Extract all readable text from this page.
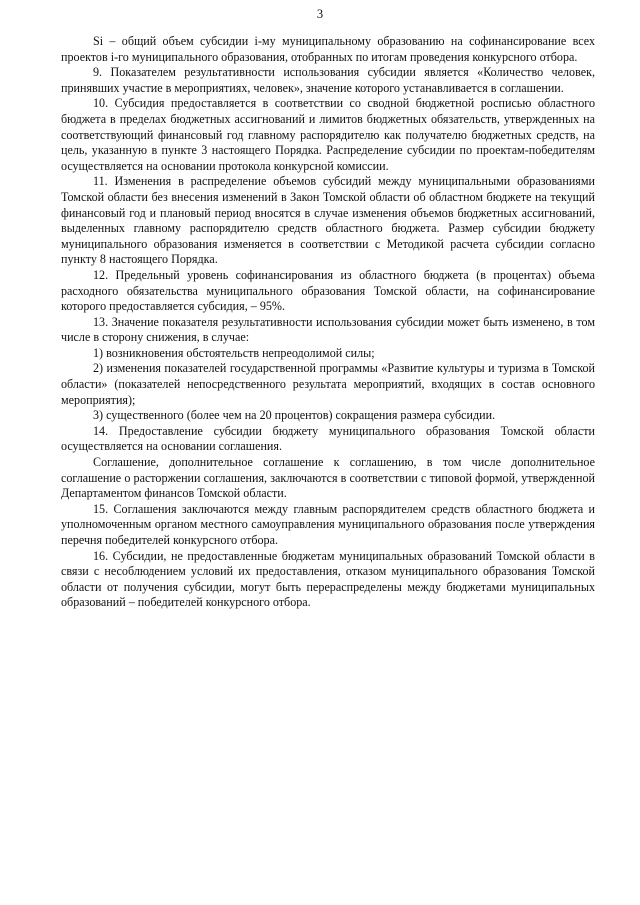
3

Si – общий объем субсидии i-му муниципальному образованию на софинансирование всех проектов i-го муниципального образования, отобранных по итогам проведения конкурсного отбора.

9. Показателем результативности использования субсидии является «Количество человек, принявших участие в мероприятиях, человек», значение которого устанавливается в соглашении.

10. Субсидия предоставляется в соответствии со сводной бюджетной росписью областного бюджета в пределах бюджетных ассигнований и лимитов бюджетных обязательств, утвержденных на соответствующий финансовый год главному распорядителю как получателю бюджетных средств, на цель, указанную в пункте 3 настоящего Порядка. Распределение субсидии по проектам-победителям осуществляется на основании протокола конкурсной комиссии.

11. Изменения в распределение объемов субсидий между муниципальными образованиями Томской области без внесения изменений в Закон Томской области об областном бюджете на текущий финансовый год и плановый период вносятся в случае изменения объемов бюджетных ассигнований, выделенных главному распорядителю средств областного бюджета. Размер субсидии бюджету муниципального образования изменяется в соответствии с Методикой расчета субсидии согласно пункту 8 настоящего Порядка.

12. Предельный уровень софинансирования из областного бюджета (в процентах) объема расходного обязательства муниципального образования Томской области, на софинансирование которого предоставляется субсидия, – 95%.

13. Значение показателя результативности использования субсидии может быть изменено, в том числе в сторону снижения, в случае:

1) возникновения обстоятельств непреодолимой силы;

2) изменения показателей государственной программы «Развитие культуры и туризма в Томской области» (показателей непосредственного результата мероприятий, входящих в состав основного мероприятия);

3) существенного (более чем на 20 процентов) сокращения размера субсидии.

14. Предоставление субсидии бюджету муниципального образования Томской области осуществляется на основании соглашения.

Соглашение, дополнительное соглашение к соглашению, в том числе дополнительное соглашение о расторжении соглашения, заключаются в соответствии с типовой формой, утвержденной Департаментом финансов Томской области.

15. Соглашения заключаются между главным распорядителем средств областного бюджета и уполномоченным органом местного самоуправления муниципального образования после утверждения перечня победителей конкурсного отбора.

16. Субсидии, не предоставленные бюджетам муниципальных образований Томской области в связи с несоблюдением условий их предоставления, отказом муниципального образования Томской области от получения субсидии, могут быть перераспределены между бюджетами муниципальных образований – победителей конкурсного отбора.
